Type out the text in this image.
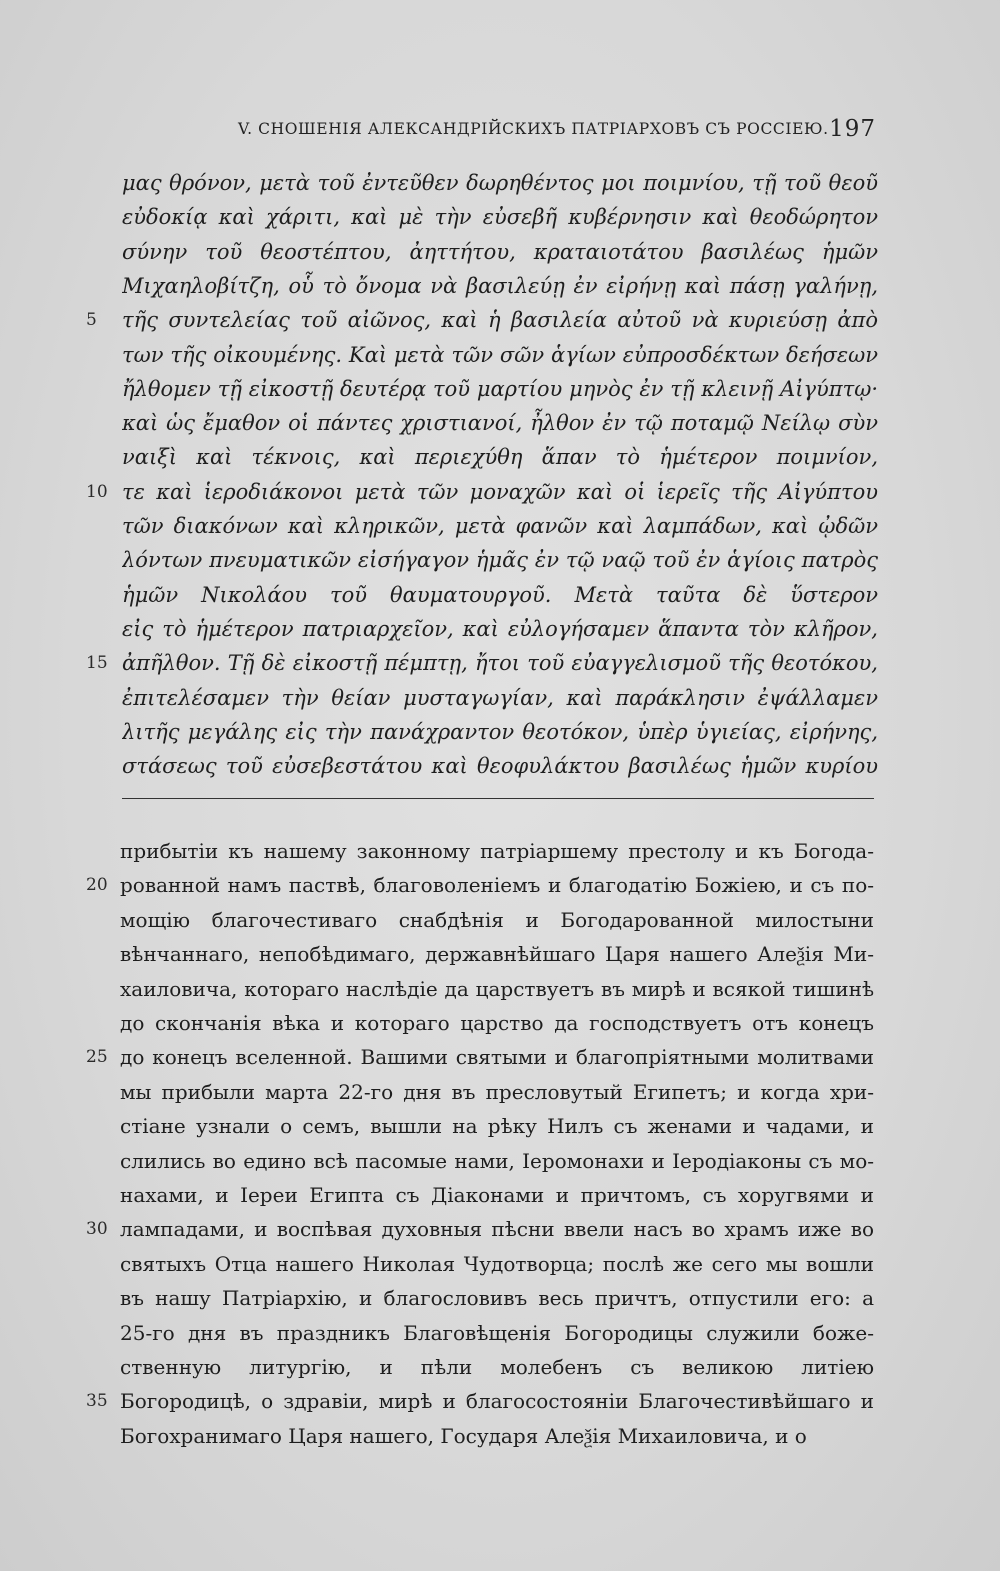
V. СНОШЕНІЯ АЛЕКСАНДРІЙСКИХЪ ПАТРІАРХОВЪ СЪ РОССІЕЮ. 197
μας θρόνον, μετὰ τοῦ ἐντεῦθεν δωρηθέντος μοι ποιμνίου, τῇ τοῦ θεοῦ
εὐδοκίᾳ καὶ χάριτι, καὶ μὲ τὴν εὐσεβῆ κυβέρνησιν καὶ θεοδώρητον
σύνην τοῦ θεοστέπτου, ἀηττήτου, κραταιοτάτου βασιλέως ἡμῶν
Μιχαηλοβίτζη, οὗ τὸ ὄνομα νὰ βασιλεύῃ ἐν εἰρήνῃ καὶ πάσῃ γαλήνῃ,
τῆς συντελείας τοῦ αἰῶνος, καὶ ἡ βασιλεία αὐτοῦ νὰ κυριεύσῃ ἀπὸ
5
των τῆς οἰκουμένης. Καὶ μετὰ τῶν σῶν ἁγίων εὐπροσδέκτων δεήσεων
ἤλθομεν τῇ εἰκοστῇ δευτέρᾳ τοῦ μαρτίου μηνὸς ἐν τῇ κλεινῇ Αἰγύπτῳ·
καὶ ὡς ἔμαθον οἱ πάντες χριστιανοί, ἦλθον ἐν τῷ ποταμῷ Νείλῳ σὺν
ναιξὶ καὶ τέκνοις, καὶ περιεχύθη ἅπαν τὸ ἡμέτερον ποιμνίον,
τε καὶ ἱεροδιάκονοι μετὰ τῶν μοναχῶν καὶ οἱ ἱερεῖς τῆς Αἰγύπτου
10
τῶν διακόνων καὶ κληρικῶν, μετὰ φανῶν καὶ λαμπάδων, καὶ ᾠδῶν
λόντων πνευματικῶν εἰσήγαγον ἡμᾶς ἐν τῷ ναῷ τοῦ ἐν ἁγίοις πατρὸς
ἡμῶν Νικολάου τοῦ θαυματουργοῦ. Μετὰ ταῦτα δὲ ὕστερον
εἰς τὸ ἡμέτερον πατριαρχεῖον, καὶ εὐλογήσαμεν ἅπαντα τὸν κλῆρον,
ἀπῆλθον. Τῇ δὲ εἰκοστῇ πέμπτῃ, ἤτοι τοῦ εὐαγγελισμοῦ τῆς θεοτόκου,
15
ἐπιτελέσαμεν τὴν θείαν μυσταγωγίαν, καὶ παράκλησιν ἐψάλλαμεν
λιτῆς μεγάλης εἰς τὴν πανάχραντον θεοτόκον, ὑπὲρ ὑγιείας, εἰρήνης,
στάσεως τοῦ εὐσεβεστάτου καὶ θεοφυλάκτου βασιλέως ἡμῶν κυρίου
прибытіи къ нашему законному патріаршему престолу и къ Богода-
рованной намъ паствѣ, благоволеніемъ и благодатію Божіею, и съ по-
20
мощію благочестиваго снабдѣнія и Богодарованной милостыни
вѣнчаннаго, непобѣдимаго, державнѣйшаго Царя нашего Алеѯія Ми-
хаиловича, котораго наслѣдіе да царствуетъ въ мирѣ и всякой тишинѣ
до скончанія вѣка и котораго царство да господствуетъ отъ конецъ
до конецъ вселенной. Вашими святыми и благопріятными молитвами
25
мы прибыли марта 22-го дня въ пресловутый Египетъ; и когда хри-
стіане узнали о семъ, вышли на рѣку Нилъ съ женами и чадами, и
слились во едино всѣ пасомые нами, Іеромонахи и Іеродіаконы съ мо-
нахами, и Іереи Египта съ Діаконами и причтомъ, съ хоругвями и
лампадами, и воспѣвая духовныя пѣсни ввели насъ во храмъ иже во
30
святыхъ Отца нашего Николая Чудотворца; послѣ же сего мы вошли
въ нашу Патріархію, и благословивъ весь причтъ, отпустили его: а
25-го дня въ праздникъ Благовѣщенія Богородицы служили боже-
ственную литургію, и пѣли молебенъ съ великою литіею
Богородицѣ, о здравіи, мирѣ и благосостояніи Благочестивѣйшаго и
35
Богохранимаго Царя нашего, Государя Алеѯія Михаиловича, и о
